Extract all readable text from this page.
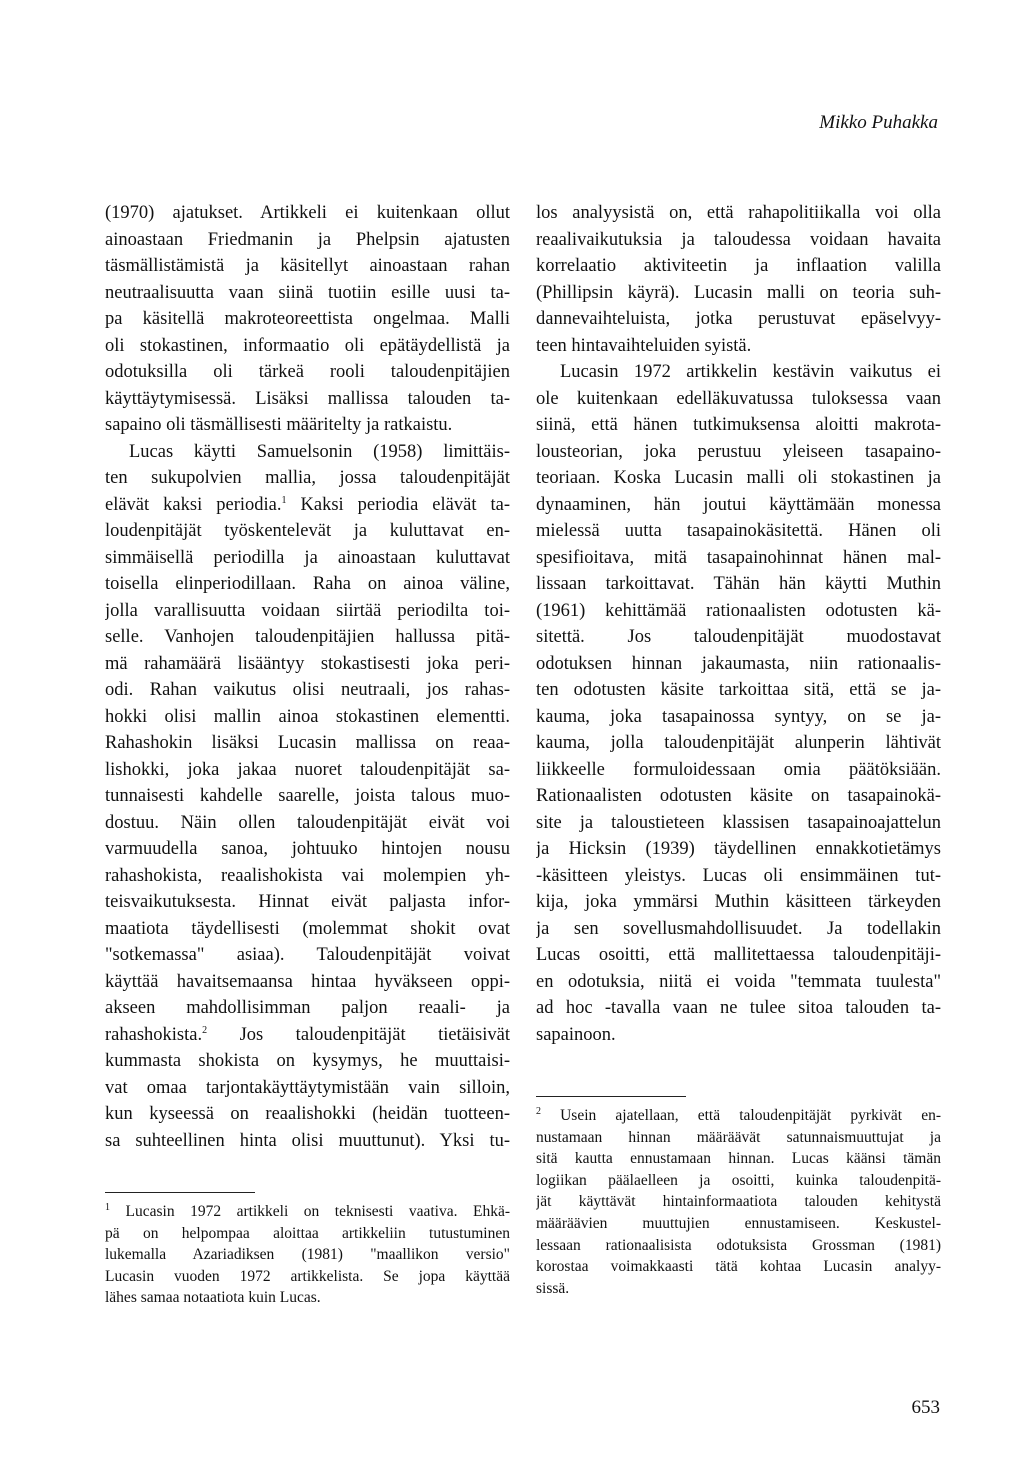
Mikko Puhakka
(1970) ajatukset. Artikkeli ei kuitenkaan ollut
ainoastaan Friedmanin ja Phelpsin ajatusten
täsmällistämistä ja käsitellyt ainoastaan rahan
neutraalisuutta vaan siinä tuotiin esille uusi ta-
pa käsitellä makroteoreettista ongelmaa. Malli
oli stokastinen, informaatio oli epätäydellistä ja
odotuksilla oli tärkeä rooli taloudenpitäjien
käyttäytymisessä. Lisäksi mallissa talouden ta-
sapaino oli täsmällisesti määritelty ja ratkaistu.
Lucas käytti Samuelsonin (1958) limittäis-
ten sukupolvien mallia, jossa taloudenpitäjät
elävät kaksi periodia.$^1$ Kaksi periodia elävät ta-
loudenpitäjät työskentelevät ja kuluttavat en-
simmäisellä periodilla ja ainoastaan kuluttavat
toisella elinperiodillaan. Raha on ainoa väline,
jolla varallisuutta voidaan siirtää periodilta toi-
selle. Vanhojen taloudenpitäjien hallussa pitä-
mä rahamäärä lisääntyy stokastisesti joka peri-
odi. Rahan vaikutus olisi neutraali, jos rahas-
hokki olisi mallin ainoa stokastinen elementti.
Rahashokin lisäksi Lucasin mallissa on reaa-
lishokki, joka jakaa nuoret taloudenpitäjät sa-
tunnaisesti kahdelle saarelle, joista talous muo-
dostuu. Näin ollen taloudenpitäjät eivät voi
varmuudella sanoa, johtuuko hintojen nousu
rahashokista, reaalishokista vai molempien yh-
teisvaikutuksesta. Hinnat eivät paljasta infor-
maatiota täydellisesti (molemmat shokit ovat
"sotkemassa" asiaa). Taloudenpitäjät voivat
käyttää havaitsemaansa hintaa hyväkseen oppi-
akseen mahdollisimman paljon reaali- ja
rahashokista.$^2$ Jos taloudenpitäjät tietäisivät
kummasta shokista on kysymys, he muuttaisi-
vat omaa tarjontakäyttäytymistään vain silloin,
kun kyseessä on reaalishokki (heidän tuotteen-
sa suhteellinen hinta olisi muuttunut). Yksi tu-
$^1$ Lucasin 1972 artikkeli on teknisesti vaativa. Ehkä-
pä on helpompaa aloittaa artikkeliin tutustuminen
lukemalla Azariadiksen (1981) "maallikon versio"
Lucasin vuoden 1972 artikkelista. Se jopa käyttää
lähes samaa notaatiota kuin Lucas.
los analyysistä on, että rahapolitiikalla voi olla
reaalivaikutuksia ja taloudessa voidaan havaita
korrelaatio aktiviteetin ja inflaation valilla
(Phillipsin käyrä). Lucasin malli on teoria suh-
dannevaihteluista, jotka perustuvat epäselvyy-
teen hintavaihteluiden syistä.
Lucasin 1972 artikkelin kestävin vaikutus ei
ole kuitenkaan edelläkuvatussa tuloksessa vaan
siinä, että hänen tutkimuksensa aloitti makrota-
lousteorian, joka perustuu yleiseen tasapaino-
teoriaan. Koska Lucasin malli oli stokastinen ja
dynaaminen, hän joutui käyttämään monessa
mielessä uutta tasapainokäsitettä. Hänen oli
spesifioitava, mitä tasapainohinnat hänen mal-
lissaan tarkoittavat. Tähän hän käytti Muthin
(1961) kehittämää rationaalisten odotusten kä-
sitettä. Jos taloudenpitäjät muodostavat
odotuksen hinnan jakaumasta, niin rationaalis-
ten odotusten käsite tarkoittaa sitä, että se ja-
kauma, joka tasapainossa syntyy, on se ja-
kauma, jolla taloudenpitäjät alunperin lähtivät
liikkeelle formuloidessaan omia päätöksiään.
Rationaalisten odotusten käsite on tasapainokä-
site ja taloustieteen klassisen tasapainoajattelun
ja Hicksin (1939) täydellinen ennakkotietämys
-käsitteen yleistys. Lucas oli ensimmäinen tut-
kija, joka ymmärsi Muthin käsitteen tärkeyden
ja sen sovellusmahdollisuudet. Ja todellakin
Lucas osoitti, että mallitettaessa taloudenpitäji-
en odotuksia, niitä ei voida "temmata tuulesta"
ad hoc -tavalla vaan ne tulee sitoa talouden ta-
sapainoon.
$^2$ Usein ajatellaan, että taloudenpitäjät pyrkivät en-
nustamaan hinnan määräävät satunnaismuuttujat ja
sitä kautta ennustamaan hinnan. Lucas käänsi tämän
logiikan päälaelleen ja osoitti, kuinka taloudenpitä-
jät käyttävät hintainformaatiota talouden kehitystä
määräävien muuttujien ennustamiseen. Keskustel-
lessaan rationaalisista odotuksista Grossman (1981)
korostaa voimakkaasti tätä kohtaa Lucasin analyy-
sissä.
653
